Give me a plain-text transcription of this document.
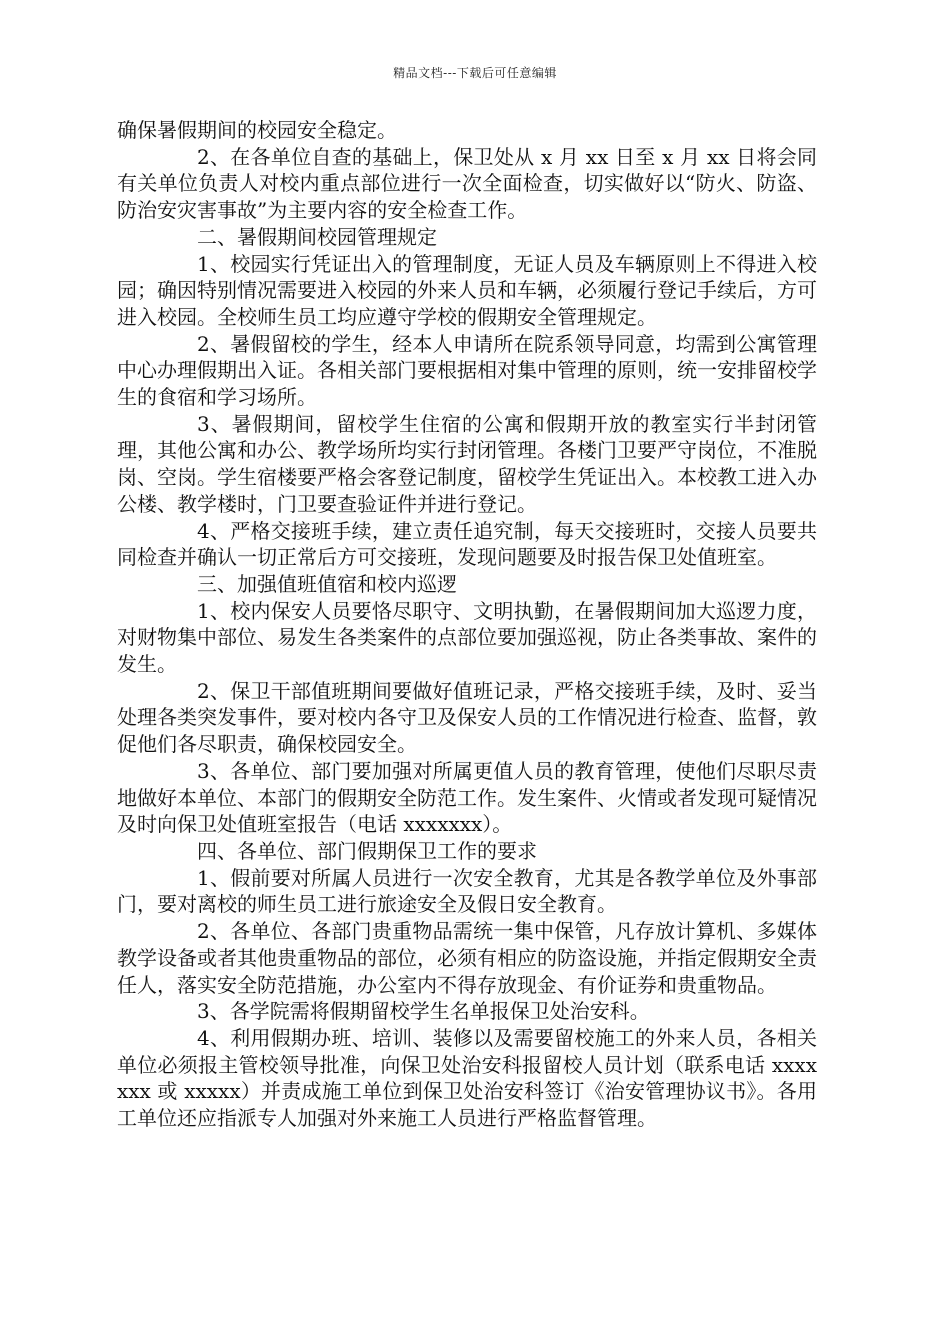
精品文档---下载后可任意编辑

确保暑假期间的校园安全稳定。

2、在各单位自查的基础上，保卫处从 x 月 xx 日至 x 月 xx 日将会同有关单位负责人对校内重点部位进行一次全面检查，切实做好以“防火、防盗、防治安灾害事故”为主要内容的安全检查工作。

二、暑假期间校园管理规定

1、校园实行凭证出入的管理制度，无证人员及车辆原则上不得进入校园；确因特别情况需要进入校园的外来人员和车辆，必须履行登记手续后，方可进入校园。全校师生员工均应遵守学校的假期安全管理规定。

2、暑假留校的学生，经本人申请所在院系领导同意，均需到公寓管理中心办理假期出入证。各相关部门要根据相对集中管理的原则，统一安排留校学生的食宿和学习场所。

3、暑假期间，留校学生住宿的公寓和假期开放的教室实行半封闭管理，其他公寓和办公、教学场所均实行封闭管理。各楼门卫要严守岗位，不准脱岗、空岗。学生宿楼要严格会客登记制度，留校学生凭证出入。本校教工进入办公楼、教学楼时，门卫要查验证件并进行登记。

4、严格交接班手续，建立责任追究制，每天交接班时，交接人员要共同检查并确认一切正常后方可交接班，发现问题要及时报告保卫处值班室。

三、加强值班值宿和校内巡逻

1、校内保安人员要恪尽职守、文明执勤，在暑假期间加大巡逻力度，对财物集中部位、易发生各类案件的点部位要加强巡视，防止各类事故、案件的发生。

2、保卫干部值班期间要做好值班记录，严格交接班手续，及时、妥当处理各类突发事件，要对校内各守卫及保安人员的工作情况进行检查、监督，敦促他们各尽职责，确保校园安全。

3、各单位、部门要加强对所属更值人员的教育管理，使他们尽职尽责地做好本单位、本部门的假期安全防范工作。发生案件、火情或者发现可疑情况及时向保卫处值班室报告（电话 xxxxxxx）。

四、各单位、部门假期保卫工作的要求

1、假前要对所属人员进行一次安全教育，尤其是各教学单位及外事部门，要对离校的师生员工进行旅途安全及假日安全教育。

2、各单位、各部门贵重物品需统一集中保管，凡存放计算机、多媒体教学设备或者其他贵重物品的部位，必须有相应的防盗设施，并指定假期安全责任人，落实安全防范措施，办公室内不得存放现金、有价证券和贵重物品。

3、各学院需将假期留校学生名单报保卫处治安科。

4、利用假期办班、培训、装修以及需要留校施工的外来人员，各相关单位必须报主管校领导批准，向保卫处治安科报留校人员计划（联系电话 xxxxxxx 或 xxxxx）并责成施工单位到保卫处治安科签订《治安管理协议书》。各用工单位还应指派专人加强对外来施工人员进行严格监督管理。
